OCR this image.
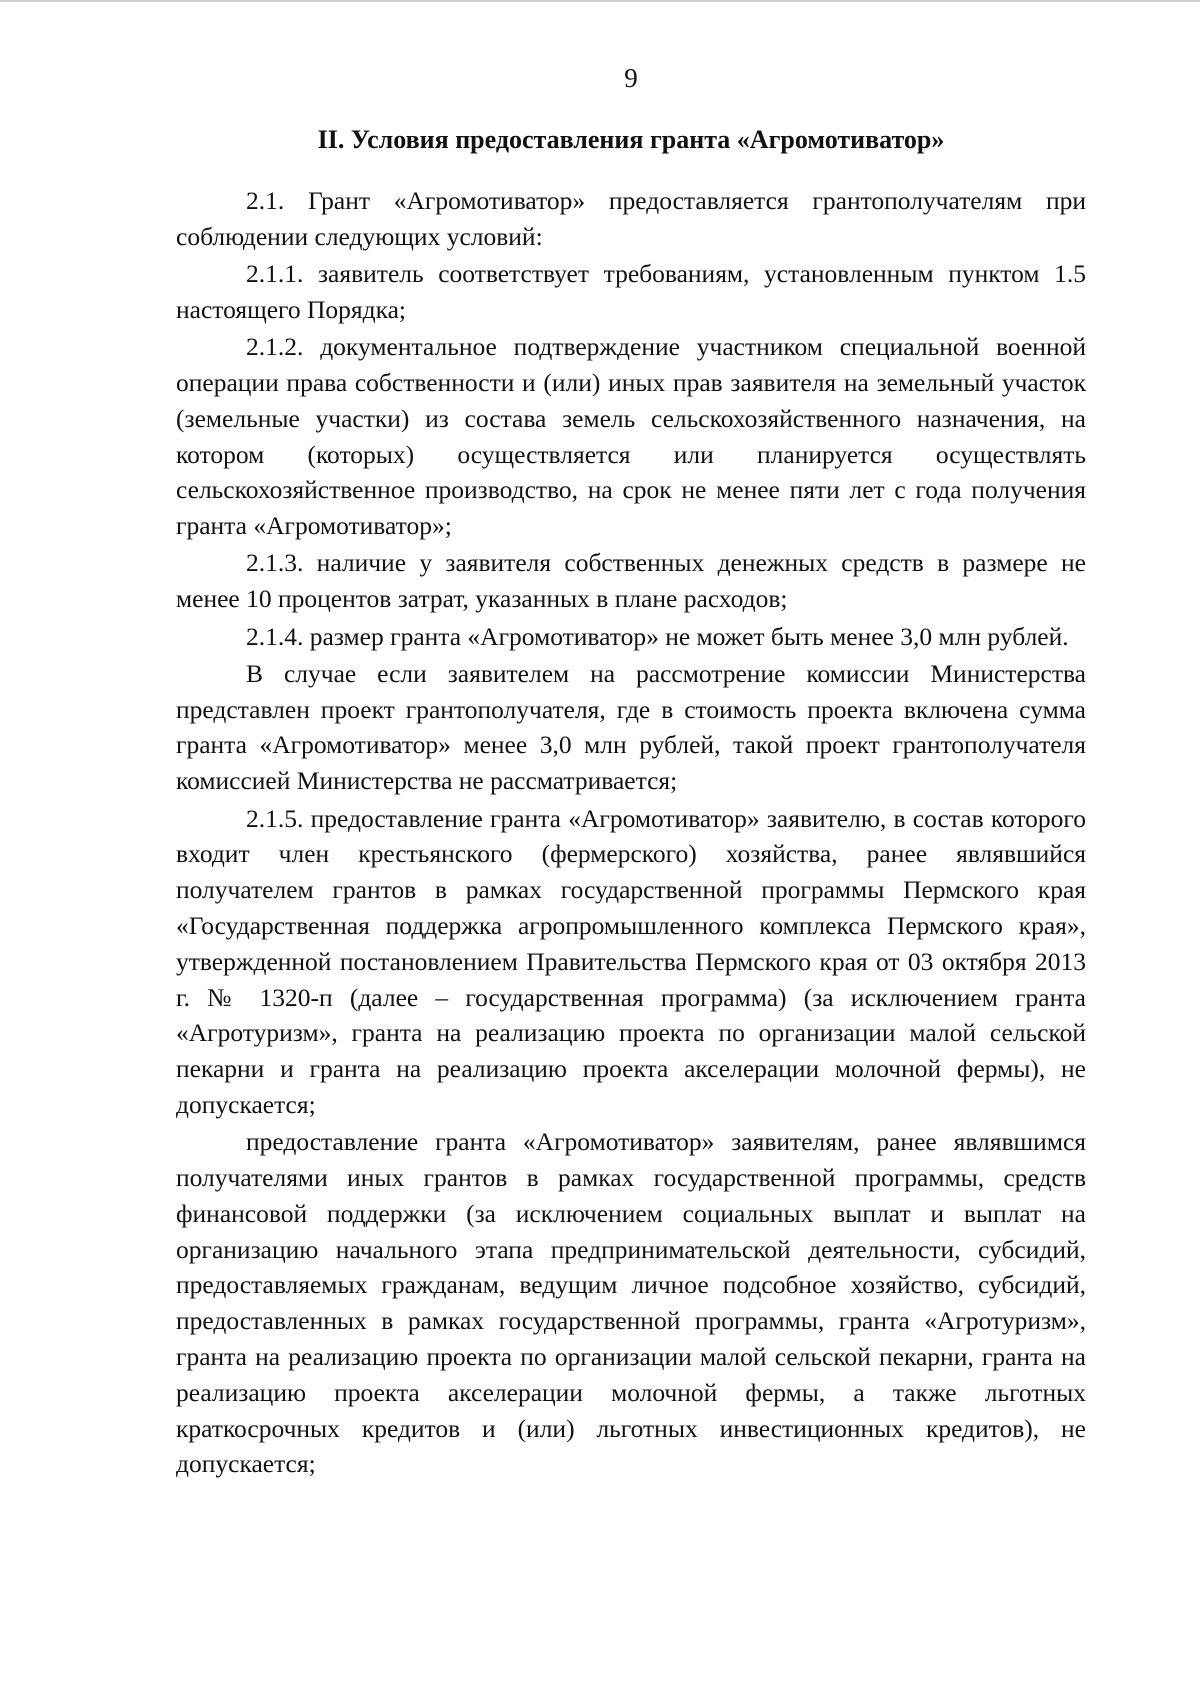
9
II. Условия предоставления гранта «Агромотиватор»

2.1. Грант «Агромотиватор» предоставляется грантополучателям при соблюдении следующих условий:

2.1.1. заявитель соответствует требованиям, установленным пунктом 1.5 настоящего Порядка;

2.1.2. документальное подтверждение участником специальной военной операции права собственности и (или) иных прав заявителя на земельный участок (земельные участки) из состава земель сельскохозяйственного назначения, на котором (которых) осуществляется или планируется осуществлять сельскохозяйственное производство, на срок не менее пяти лет с года получения гранта «Агромотиватор»;

2.1.3. наличие у заявителя собственных денежных средств в размере не менее 10 процентов затрат, указанных в плане расходов;

2.1.4. размер гранта «Агромотиватор» не может быть менее 3,0 млн рублей.

В случае если заявителем на рассмотрение комиссии Министерства представлен проект грантополучателя, где в стоимость проекта включена сумма гранта «Агромотиватор» менее 3,0 млн рублей, такой проект грантополучателя комиссией Министерства не рассматривается;

2.1.5. предоставление гранта «Агромотиватор» заявителю, в состав которого входит член крестьянского (фермерского) хозяйства, ранее являвшийся получателем грантов в рамках государственной программы Пермского края «Государственная поддержка агропромышленного комплекса Пермского края», утвержденной постановлением Правительства Пермского края от 03 октября 2013 г. № 1320-п (далее – государственная программа) (за исключением гранта «Агротуризм», гранта на реализацию проекта по организации малой сельской пекарни и гранта на реализацию проекта акселерации молочной фермы), не допускается;

предоставление гранта «Агромотиватор» заявителям, ранее являвшимся получателями иных грантов в рамках государственной программы, средств финансовой поддержки (за исключением социальных выплат и выплат на организацию начального этапа предпринимательской деятельности, субсидий, предоставляемых гражданам, ведущим личное подсобное хозяйство, субсидий, предоставленных в рамках государственной программы, гранта «Агротуризм», гранта на реализацию проекта по организации малой сельской пекарни, гранта на реализацию проекта акселерации молочной фермы, а также льготных краткосрочных кредитов и (или) льготных инвестиционных кредитов), не допускается;
